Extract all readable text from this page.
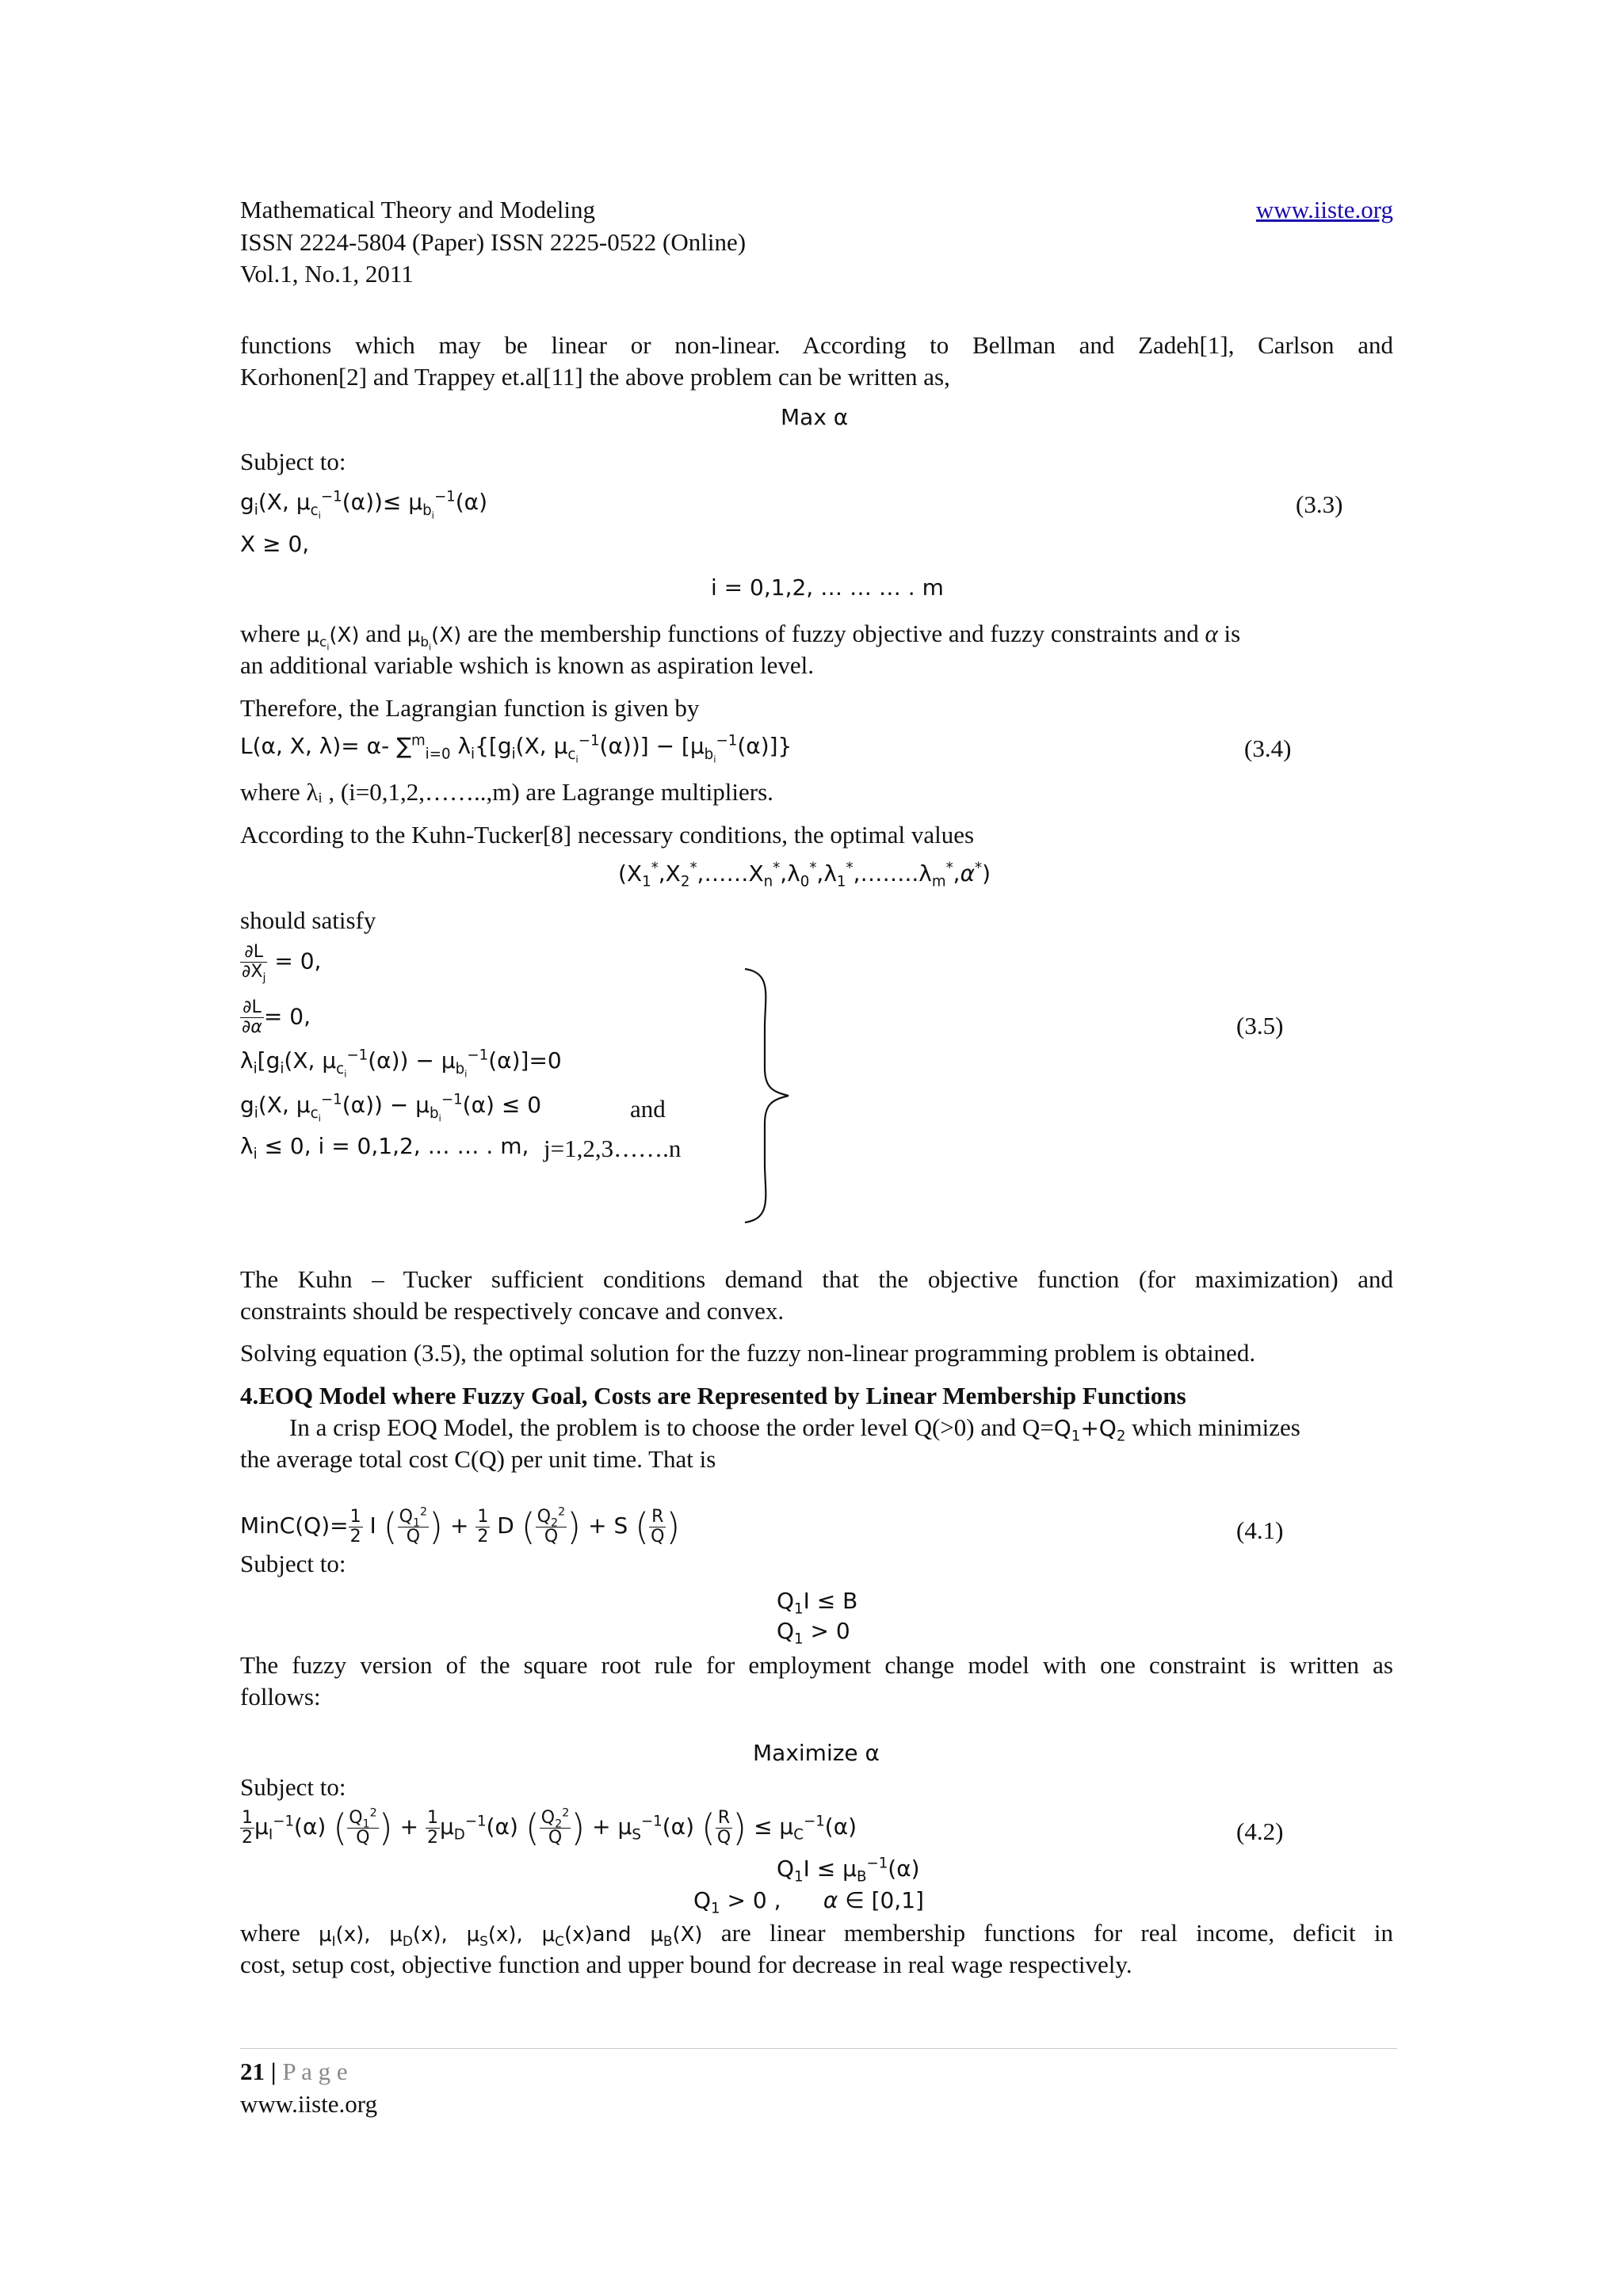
Mathematical Theory and Modeling	www.iiste.org
ISSN 2224-5804 (Paper) ISSN 2225-0522 (Online)
Vol.1, No.1, 2011
functions which may be linear or non-linear. According to Bellman and Zadeh[1], Carlson and
Korhonen[2] and Trappey et.al[11] the above problem can be written as,
Max α
Subject to:
$g_i(X$, $\mu_{c_i}^{-1}(\alpha))\le \mu_{b_i}^{-1}(\alpha)$	(3.3)
X ≥ 0,
i = 0,1,2, … … … . m
where $\mu_{c_i}(X)$ and $\mu_{b_i}(X)$ are the membership functions of fuzzy objective and fuzzy constraints and α is
an additional variable wshich is known as aspiration level.
Therefore, the Lagrangian function is given by
L(α, X, λ)= α- ∑$^m_{i=0}$ $\lambda_i\{[g_i(X$, $\mu_{c_i}^{-1}(\alpha))] - [\mu_{b_i}^{-1}(\alpha)]$}	(3.4)
where λᵢ , (i=0,1,2,……..,m) are Lagrange multipliers.
According to the Kuhn-Tucker[8] necessary conditions, the optimal values
$(X_1^*,X_2^*,\dots\dots X_n^*,\lambda_0^*,\lambda_1^*,\dots\dots..\lambda_m^*,\alpha^*)$
should satisfy
$\frac{\partial L}{\partial X_j} = 0$,
$\frac{\partial L}{\partial\alpha} = 0$,
$\lambda_i[g_i(X$, $\mu_{c_i}^{-1}(\alpha)) - \mu_{b_i}^{-1}(\alpha)]=0$
$g_i(X$, $\mu_{c_i}^{-1}(\alpha)) - \mu_{b_i}^{-1}(\alpha) \le 0$	and
$\lambda_i \le 0$, i = 0,1,2, … … . m, j=1,2,3…….n
(3.5)
The Kuhn – Tucker sufficient conditions demand that the objective function (for maximization) and
constraints should be respectively concave and convex.
Solving equation (3.5), the optimal solution for the fuzzy non-linear programming problem is obtained.
4.EOQ Model where Fuzzy Goal, Costs are Represented by Linear Membership Functions
In a crisp EOQ Model, the problem is to choose the order level Q(>0) and $Q=Q_1+Q_2$ which minimizes
the average total cost C(Q) per unit time. That is
MinC(Q)= $\frac{1}{2}$ I ( $\frac{Q_1^2}{Q}$ ) + $\frac{1}{2}$ D ( $\frac{Q_2^2}{Q}$ ) + S ( $\frac{R}{Q}$ )	(4.1)
Subject to:
$Q_1I \le B$
$Q_1 > 0$
The fuzzy version of the square root rule for employment change model with one constraint is written as
follows:
Maximize α
Subject to:
$\frac{1}{2} \mu_I^{-1}(\alpha)$ ( $\frac{Q_1^2}{Q}$ ) + $\frac{1}{2} \mu_D^{-1}(\alpha)$ ( $\frac{Q_2^2}{Q}$ ) + $\mu_S^{-1}(\alpha)$ ( $\frac{R}{Q}$ ) ≤ $\mu_C^{-1}(\alpha)$	(4.2)
$Q_1I \le \mu_B^{-1}(\alpha)$
$Q_1 > 0$ ,      α ∈ [0,1]
where $\mu_I(x)$, $\mu_D(x)$, $\mu_S(x)$, $\mu_C(x)and$ $\mu_B(X)$ are linear membership functions for real income, deficit in
cost, setup cost, objective function and upper bound for decrease in real wage respectively.
21 | P a g e
www.iiste.org
